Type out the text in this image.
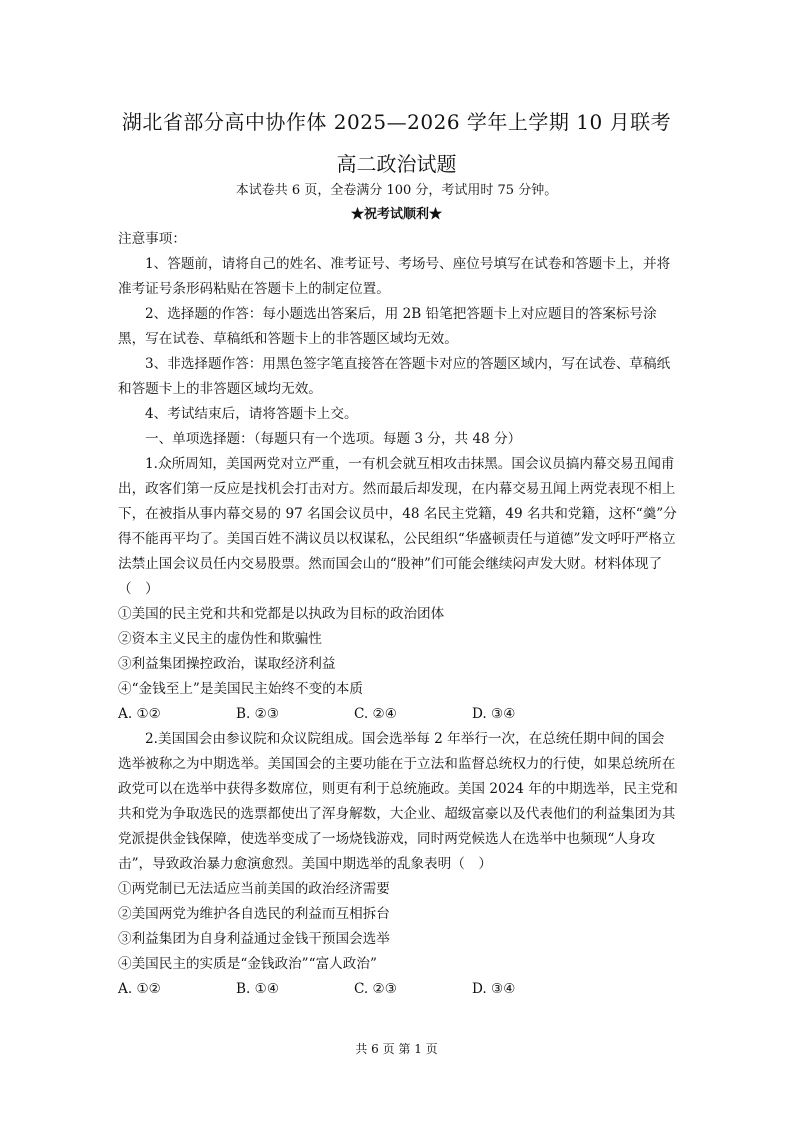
湖北省部分高中协作体 2025—2026 学年上学期 10 月联考
高二政治试题
本试卷共 6 页，全卷满分 100 分，考试用时 75 分钟。
★祝考试顺利★

注意事项：

1、答题前，请将自己的姓名、准考证号、考场号、座位号填写在试卷和答题卡上，并将准考证号条形码粘贴在答题卡上的制定位置。

2、选择题的作答：每小题选出答案后，用 2B 铅笔把答题卡上对应题目的答案标号涂黑，写在试卷、草稿纸和答题卡上的非答题区域均无效。

3、非选择题作答：用黑色签字笔直接答在答题卡对应的答题区域内，写在试卷、草稿纸和答题卡上的非答题区域均无效。

4、考试结束后，请将答题卡上交。

一、单项选择题：（每题只有一个选项。每题 3 分，共 48 分）

1.众所周知，美国两党对立严重，一有机会就互相攻击抹黑。国会议员搞内幕交易丑闻甫出，政客们第一反应是找机会打击对方。然而最后却发现，在内幕交易丑闻上两党表现不相上下，在被指从事内幕交易的 97 名国会议员中，48 名民主党籍，49 名共和党籍，这杯“羹”分得不能再平均了。美国百姓不满议员以权谋私，公民组织“华盛顿责任与道德”发文呼吁严格立法禁止国会议员任内交易股票。然而国会山的“股神”们可能会继续闷声发大财。材料体现了（　）

①美国的民主党和共和党都是以执政为目标的政治团体

②资本主义民主的虚伪性和欺骗性

③利益集团操控政治，谋取经济利益

④“金钱至上”是美国民主始终不变的本质

A. ①②	B. ②③	C. ②④	D. ③④

2.美国国会由参议院和众议院组成。国会选举每 2 年举行一次，在总统任期中间的国会选举被称之为中期选举。美国国会的主要功能在于立法和监督总统权力的行使，如果总统所在政党可以在选举中获得多数席位，则更有利于总统施政。美国 2024 年的中期选举，民主党和共和党为争取选民的选票都使出了浑身解数，大企业、超级富豪以及代表他们的利益集团为其党派提供金钱保障，使选举变成了一场烧钱游戏，同时两党候选人在选举中也频现“人身攻击”，导致政治暴力愈演愈烈。美国中期选举的乱象表明（　）

①两党制已无法适应当前美国的政治经济需要

②美国两党为维护各自选民的利益而互相拆台

③利益集团为自身利益通过金钱干预国会选举

④美国民主的实质是“金钱政治”“富人政治”

A. ①②	B. ①④	C. ②③	D. ③④
共 6 页 第 1 页
